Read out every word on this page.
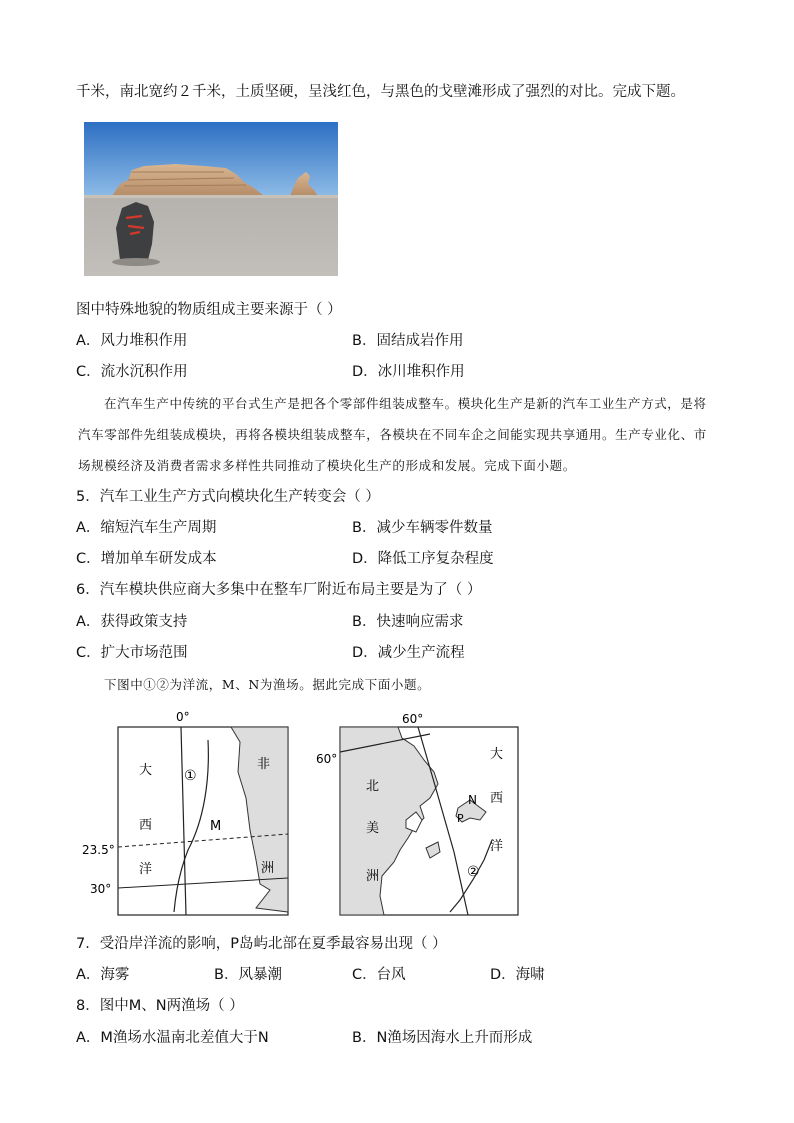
千米，南北宽约２千米，土质坚硬，呈浅红色，与黑色的戈壁滩形成了强烈的对比。完成下题。
图中特殊地貌的物质组成主要来源于（ ）
A．风力堆积作用	B．固结成岩作用
C．流水沉积作用	D．冰川堆积作用

在汽车生产中传统的平台式生产是把各个零部件组装成整车。模块化生产是新的汽车工业生产方式，是将汽车零部件先组装成模块，再将各模块组装成整车，各模块在不同车企之间能实现共享通用。生产专业化、市场规模经济及消费者需求多样性共同推动了模块化生产的形成和发展。完成下面小题。

5．汽车工业生产方式向模块化生产转变会（ ）
A．缩短汽车生产周期	B．减少车辆零件数量
C．增加单车研发成本	D．降低工序复杂程度
6．汽车模块供应商大多集中在整车厂附近布局主要是为了（ ）
A．获得政策支持	B．快速响应需求
C．扩大市场范围	D．减少生产流程
下图中①②为洋流，M、N为渔场。据此完成下面小题。
0°
23.5°
30°
大
西
洋
非
洲
①
M
60°
60°
北
美
洲
大
西
洋
N
P
②
7．受沿岸洋流的影响，P岛屿北部在夏季最容易出现（ ）
A．海雾	B．风暴潮	C．台风	D．海啸
8．图中M、N两渔场（ ）
A．M渔场水温南北差值大于N	B．N渔场因海水上升而形成
